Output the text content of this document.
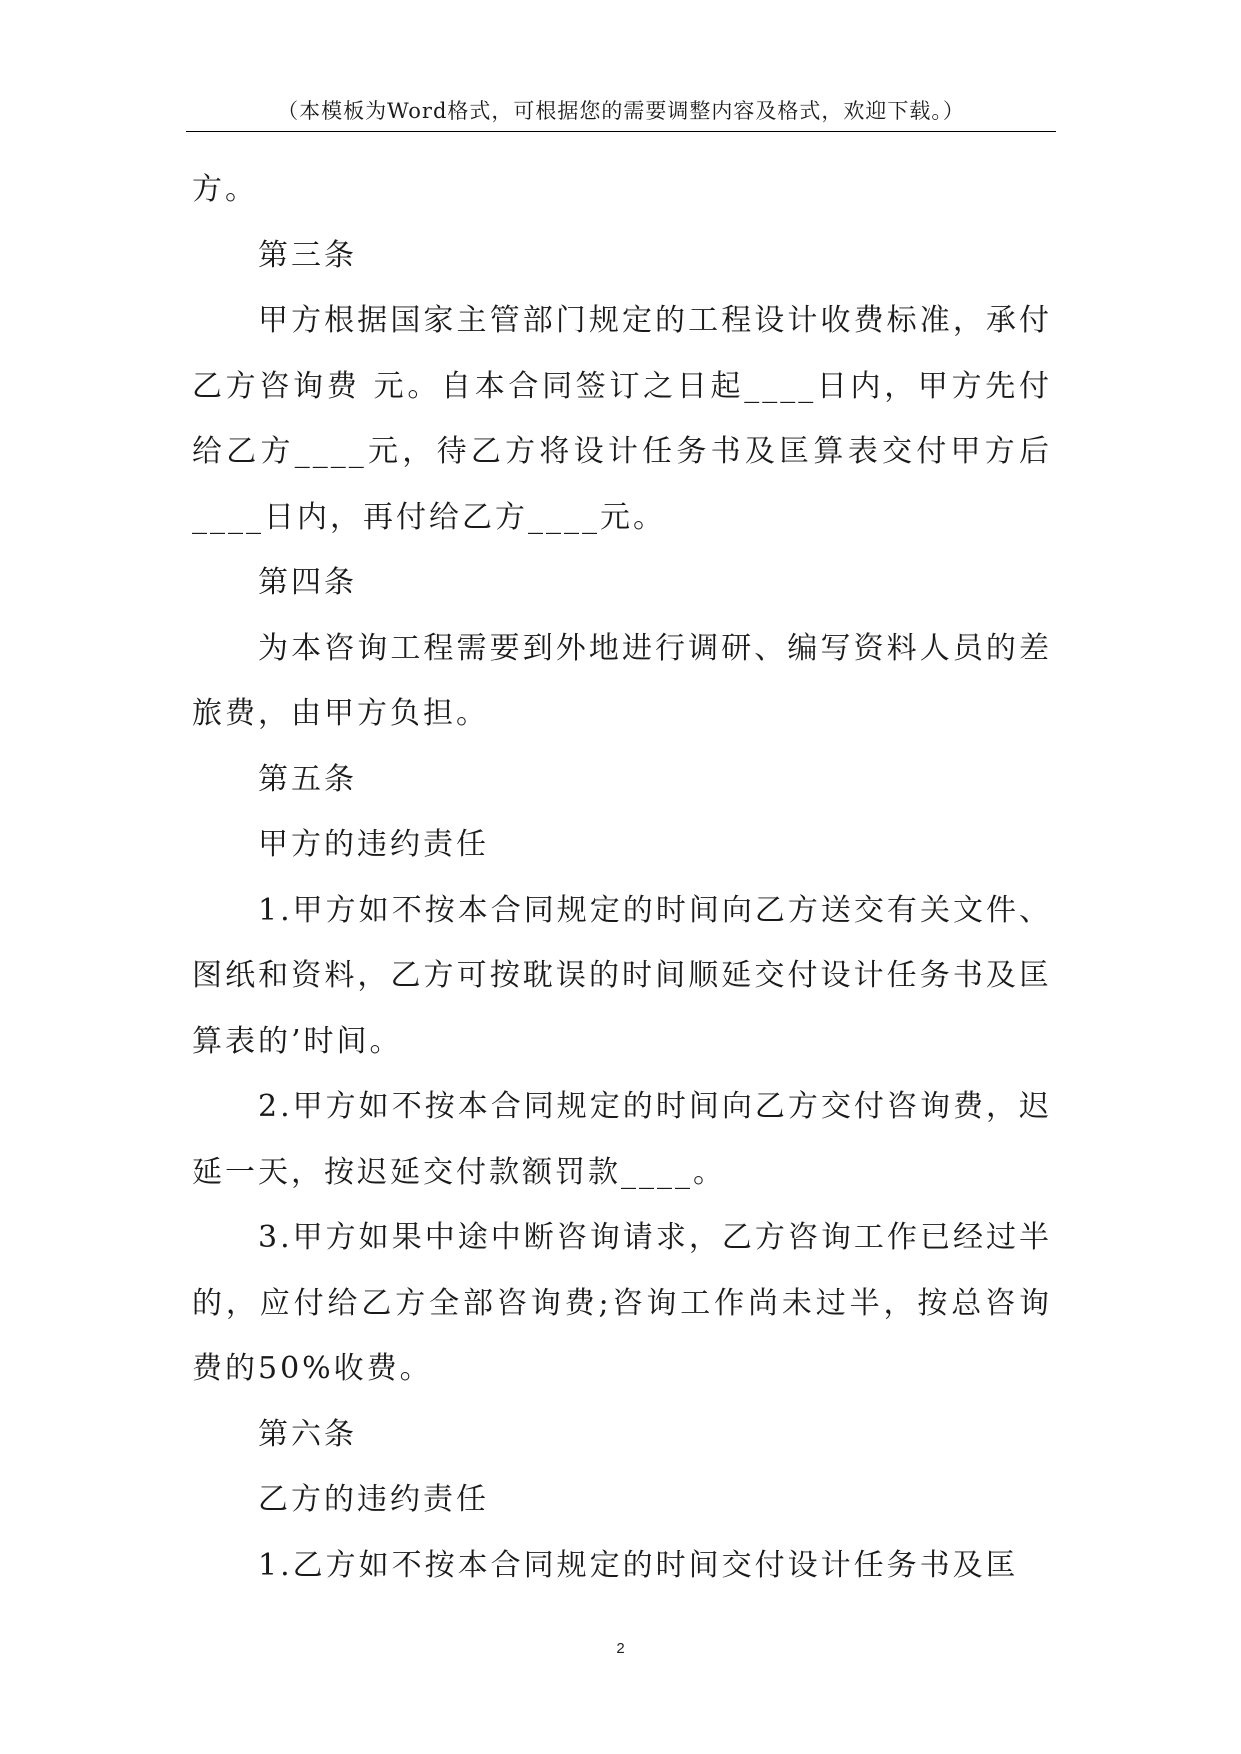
（本模板为Word格式，可根据您的需要调整内容及格式，欢迎下载。）

方。

第三条

甲方根据国家主管部门规定的工程设计收费标准，承付乙方咨询费 元。自本合同签订之日起____日内，甲方先付给乙方____元，待乙方将设计任务书及匡算表交付甲方后____日内，再付给乙方____元。

第四条

为本咨询工程需要到外地进行调研、编写资料人员的差旅费，由甲方负担。

第五条

甲方的违约责任

1.甲方如不按本合同规定的时间向乙方送交有关文件、图纸和资料，乙方可按耽误的时间顺延交付设计任务书及匡算表的’时间。

2.甲方如不按本合同规定的时间向乙方交付咨询费，迟延一天，按迟延交付款额罚款____。

3.甲方如果中途中断咨询请求，乙方咨询工作已经过半的，应付给乙方全部咨询费;咨询工作尚未过半，按总咨询费的50%收费。

第六条

乙方的违约责任

1.乙方如不按本合同规定的时间交付设计任务书及匡

2
